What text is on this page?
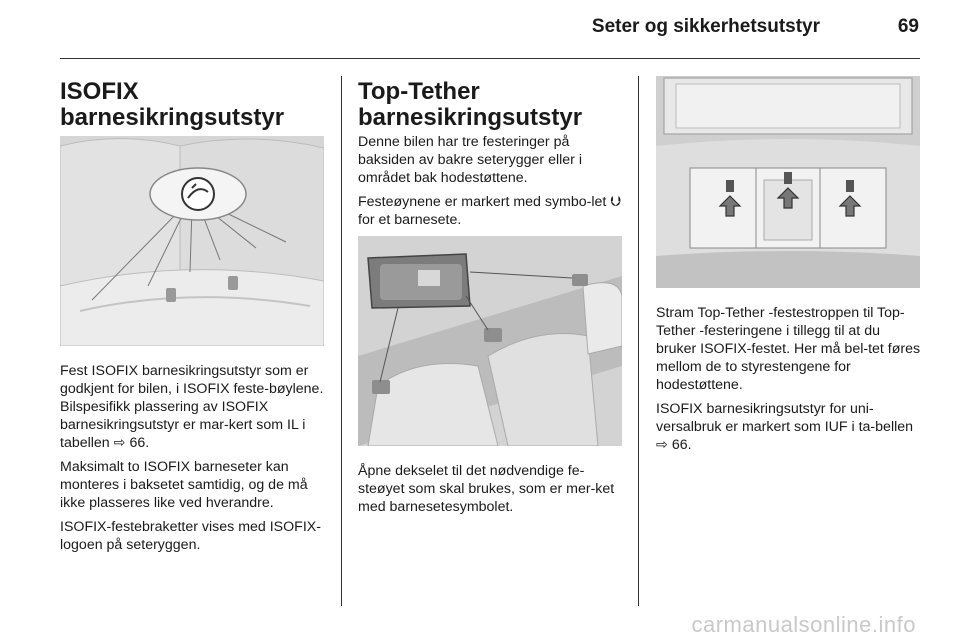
Seter og sikkerhetsutstyr	69
ISOFIX
barnesikringsutstyr

Fest ISOFIX barnesikringsutstyr som er godkjent for bilen, i ISOFIX feste-bøylene. Bilspesifikk plassering av ISOFIX barnesikringsutstyr er mar-kert som IL i tabellen ⇨ 66.

Maksimalt to ISOFIX barneseter kan monteres i baksetet samtidig, og de må ikke plasseres like ved hverandre.

ISOFIX-festebraketter vises med ISOFIX-logoen på seteryggen.

Top-Tether
barnesikringsutstyr

Denne bilen har tre festeringer på baksiden av bakre seterygger eller i området bak hodestøttene.

Festeøynene er markert med symbo-let ⮋ for et barnesete.

Åpne dekselet til det nødvendige fe-steøyet som skal brukes, som er mer-ket med barnesetesymbolet.

Stram Top-Tether -festestroppen til Top-Tether -festeringene i tillegg til at du bruker ISOFIX-festet. Her må bel-tet føres mellom de to styrestengene for hodestøttene.

ISOFIX barnesikringsutstyr for uni-versalbruk er markert som IUF i ta-bellen ⇨ 66.

carmanualsonline.info
